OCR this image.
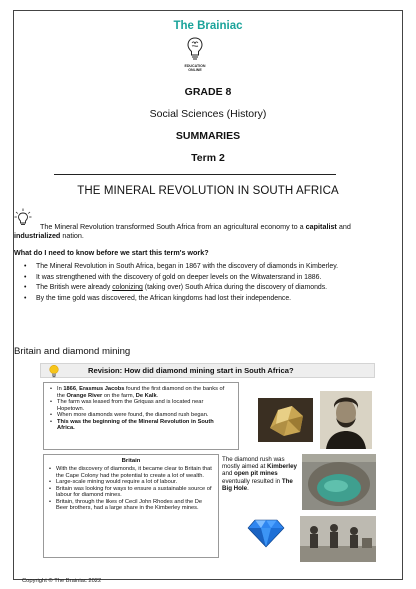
The Brainiac
EDUCATION
ONLINE
GRADE 8
Social Sciences (History)
SUMMARIES
Term 2
THE MINERAL REVOLUTION IN SOUTH AFRICA
The Mineral Revolution transformed South Africa from an agricultural economy to a capitalist and industrialized nation.
What do I need to know before we start this term's work?
• The Mineral Revolution in South Africa, began in 1867 with the discovery of diamonds in Kimberley.
• It was strengthened with the discovery of gold on deeper levels on the Witwatersrand in 1886.
• The British were already colonizing (taking over) South Africa during the discovery of diamonds.
• By the time gold was discovered, the African kingdoms had lost their independence.
Britain and diamond mining
Revision: How did diamond mining start in South Africa?
• In 1866, Erasmus Jacobs found the first diamond on the banks of the Orange River on the farm, De Kalk.
• The farm was leased from the Griquas and is located near Hopetown.
• When more diamonds were found, the diamond rush began.
• This was the beginning of the Mineral Revolution in South Africa.
Britain
• With the discovery of diamonds, it became clear to Britain that the Cape Colony had the potential to create a lot of wealth.
• Large-scale mining would require a lot of labour.
• Britain was looking for ways to ensure a sustainable source of labour for diamond mines.
• Britain, through the likes of Cecil John Rhodes and the De Beer brothers, had a large share in the Kimberley mines.
The diamond rush was mostly aimed at Kimberley and open pit mines eventually resulted in The Big Hole.
Copyright © The Brainiac 2022
